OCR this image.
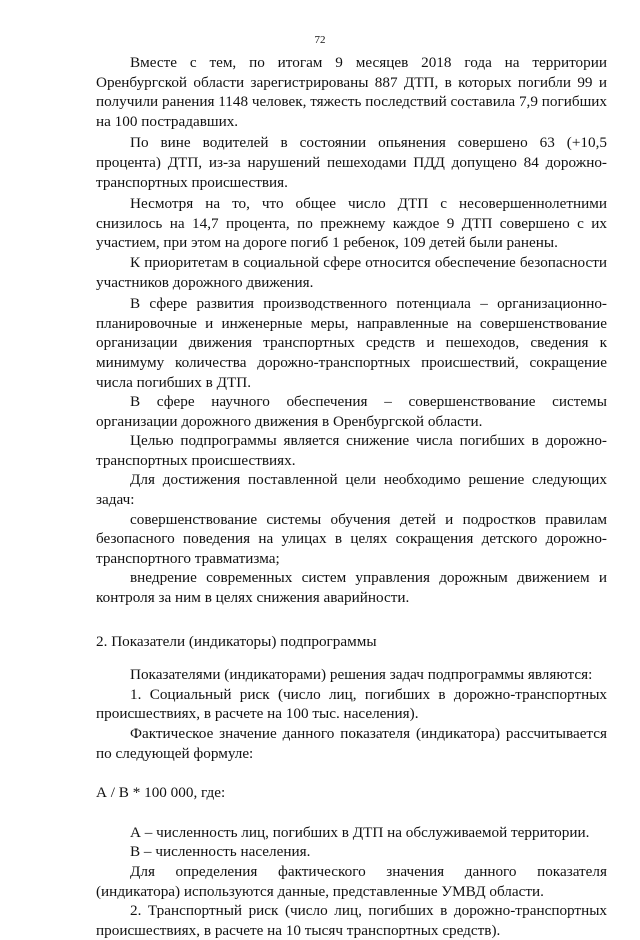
72

Вместе с тем, по итогам 9 месяцев 2018 года на территории Оренбургской области зарегистрированы 887 ДТП, в которых погибли 99 и получили ранения 1148 человек, тяжесть последствий составила 7,9 погибших на 100 пострадавших.

По вине водителей в состоянии опьянения совершено 63 (+10,5 процента) ДТП, из-за нарушений пешеходами ПДД допущено 84 дорожно-транспортных происшествия.

Несмотря на то, что общее число ДТП с несовершеннолетними снизилось на 14,7 процента, по прежнему каждое 9 ДТП совершено с их участием, при этом на дороге погиб 1 ребенок, 109 детей были ранены.

К приоритетам в социальной сфере относится обеспечение безопасности участников дорожного движения.

В сфере развития производственного потенциала – организационно-планировочные и инженерные меры, направленные на совершенствование организации движения транспортных средств и пешеходов, сведения к минимуму количества дорожно-транспортных происшествий, сокращение числа погибших в ДТП.

В сфере научного обеспечения – совершенствование системы организации дорожного движения в Оренбургской области.

Целью подпрограммы является снижение числа погибших в дорожно-транспортных происшествиях.

Для достижения поставленной цели необходимо решение следующих задач:

совершенствование системы обучения детей и подростков правилам безопасного поведения на улицах в целях сокращения детского дорожно-транспортного травматизма;

внедрение современных систем управления дорожным движением и контроля за ним в целях снижения аварийности.

2. Показатели (индикаторы) подпрограммы

Показателями (индикаторами) решения задач подпрограммы являются:

1. Социальный риск (число лиц, погибших в дорожно-транспортных происшествиях, в расчете на 100 тыс. населения).

Фактическое значение данного показателя (индикатора) рассчитывается по следующей формуле:

А / В * 100 000, где:

А – численность лиц, погибших в ДТП на обслуживаемой территории.

В – численность населения.

Для определения фактического значения данного показателя (индикатора) используются данные, представленные УМВД области.

2. Транспортный риск (число лиц, погибших в дорожно-транспортных происшествиях, в расчете на 10 тысяч транспортных средств).
